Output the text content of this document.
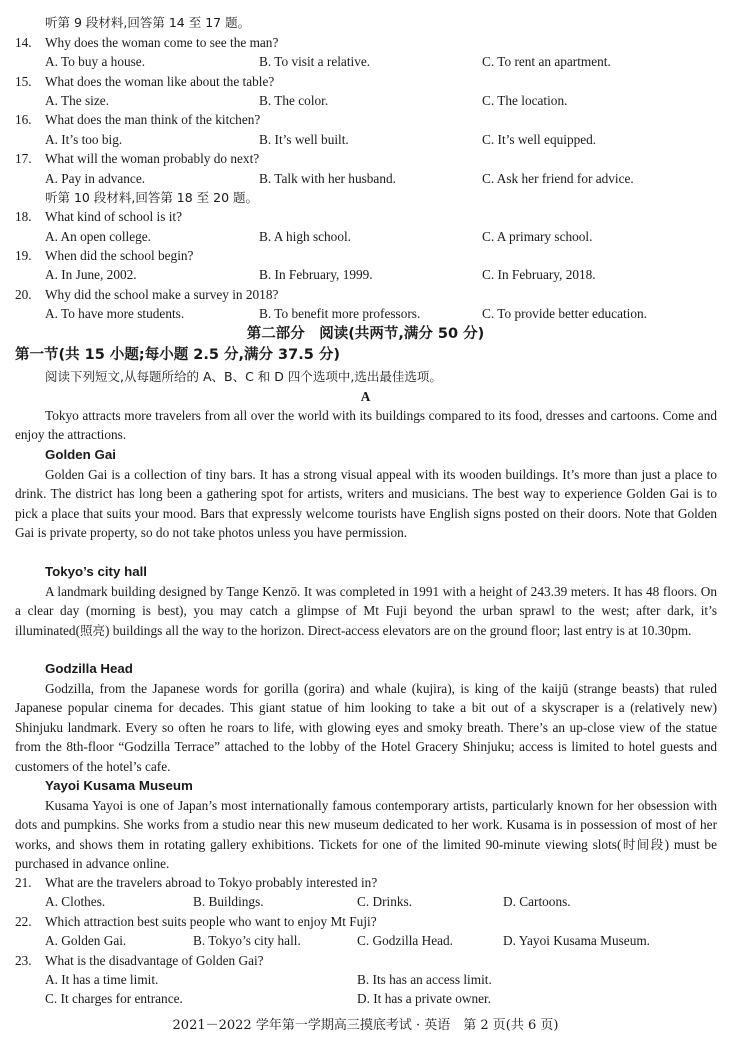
听第 9 段材料,回答第 14 至 17 题。
14. Why does the woman come to see the man?
A. To buy a house.	B. To visit a relative.	C. To rent an apartment.
15. What does the woman like about the table?
A. The size.	B. The color.	C. The location.
16. What does the man think of the kitchen?
A. It’s too big.	B. It’s well built.	C. It’s well equipped.
17. What will the woman probably do next?
A. Pay in advance.	B. Talk with her husband.	C. Ask her friend for advice.
听第 10 段材料,回答第 18 至 20 题。
18. What kind of school is it?
A. An open college.	B. A high school.	C. A primary school.
19. When did the school begin?
A. In June, 2002.	B. In February, 1999.	C. In February, 2018.
20. Why did the school make a survey in 2018?
A. To have more students.	B. To benefit more professors.	C. To provide better education.
第二部分　阅读(共两节,满分 50 分)
第一节(共 15 小题;每小题 2.5 分,满分 37.5 分)
阅读下列短文,从每题所给的 A、B、C 和 D 四个选项中,选出最佳选项。
A
Tokyo attracts more travelers from all over the world with its buildings compared to its food, dresses and cartoons. Come and enjoy the attractions.
Golden Gai
Golden Gai is a collection of tiny bars. It has a strong visual appeal with its wooden buildings. It’s more than just a place to drink. The district has long been a gathering spot for artists, writers and musicians. The best way to experience Golden Gai is to pick a place that suits your mood. Bars that expressly welcome tourists have English signs posted on their doors. Note that Golden Gai is private property, so do not take photos unless you have permission.
Tokyo’s city hall
A landmark building designed by Tange Kenzō. It was completed in 1991 with a height of 243.39 meters. It has 48 floors. On a clear day (morning is best), you may catch a glimpse of Mt Fuji beyond the urban sprawl to the west; after dark, it’s illuminated(照亮) buildings all the way to the horizon. Direct-access elevators are on the ground floor; last entry is at 10.30pm.
Godzilla Head
Godzilla, from the Japanese words for gorilla (gorira) and whale (kujira), is king of the kaijū (strange beasts) that ruled Japanese popular cinema for decades. This giant statue of him looking to take a bit out of a skyscraper is a (relatively new) Shinjuku landmark. Every so often he roars to life, with glowing eyes and smoky breath. There’s an up-close view of the statue from the 8th-floor “Godzilla Terrace” attached to the lobby of the Hotel Gracery Shinjuku; access is limited to hotel guests and customers of the hotel’s cafe.
Yayoi Kusama Museum
Kusama Yayoi is one of Japan’s most internationally famous contemporary artists, particularly known for her obsession with dots and pumpkins. She works from a studio near this new museum dedicated to her work. Kusama is in possession of most of her works, and shows them in rotating gallery exhibitions. Tickets for one of the limited 90-minute viewing slots(时间段) must be purchased in advance online.
21. What are the travelers abroad to Tokyo probably interested in?
A. Clothes.	B. Buildings.	C. Drinks.	D. Cartoons.
22. Which attraction best suits people who want to enjoy Mt Fuji?
A. Golden Gai.	B. Tokyo’s city hall.	C. Godzilla Head.	D. Yayoi Kusama Museum.
23. What is the disadvantage of Golden Gai?
A. It has a time limit.	B. Its has an access limit.
C. It charges for entrance.	D. It has a private owner.
2021－2022 学年第一学期高三摸底考试 · 英语　第 2 页(共 6 页)
